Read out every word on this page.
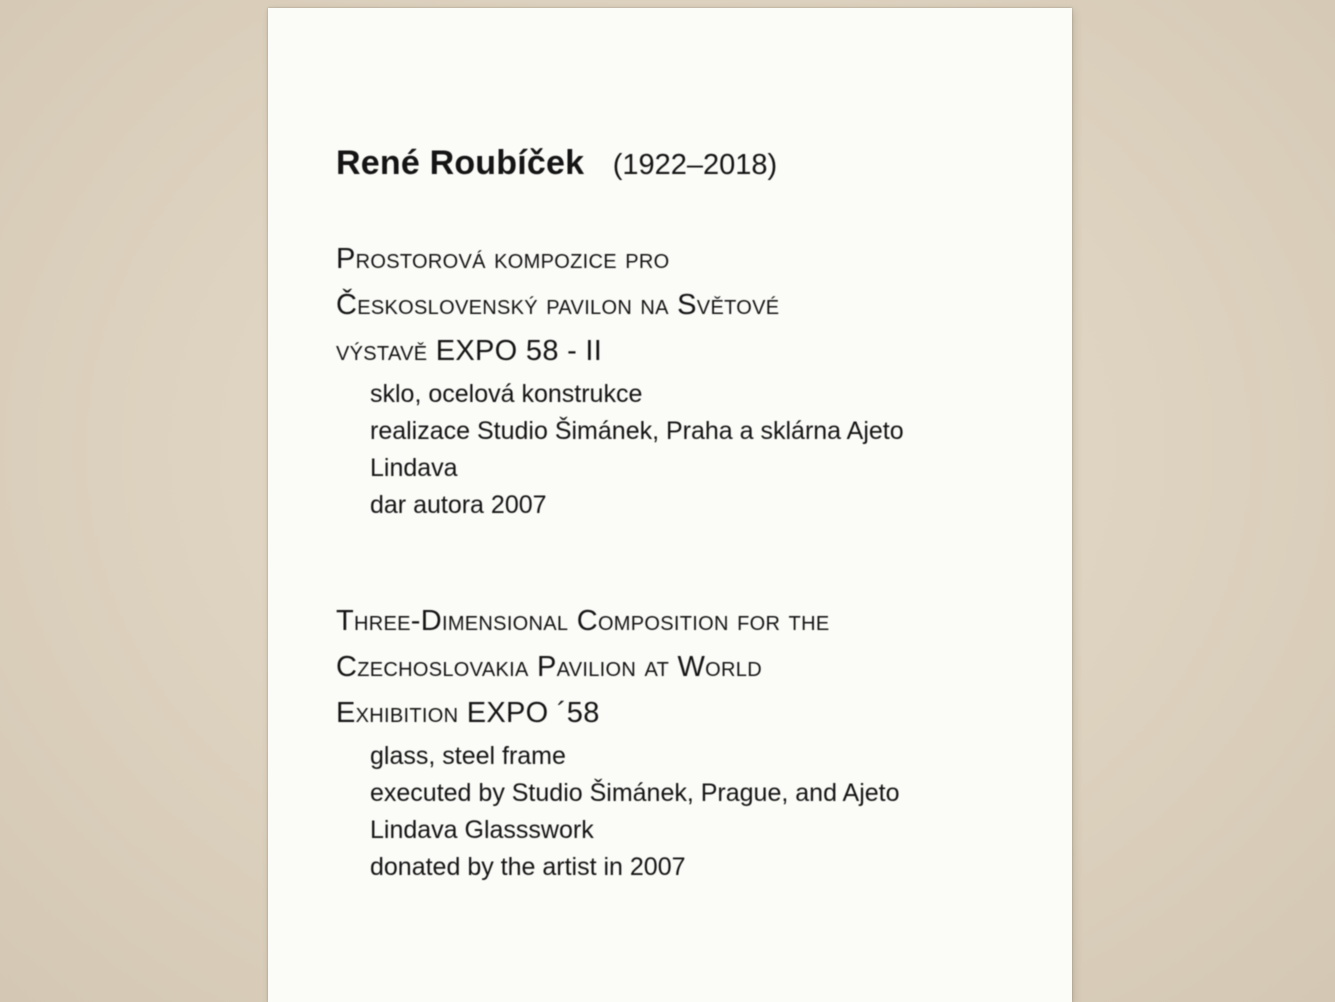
René Roubíček (1922–2018)
Prostorová kompozice pro
Československý pavilon na Světové
výstavě EXPO 58 - II
sklo, ocelová konstrukce
realizace Studio Šimánek, Praha a sklárna Ajeto
Lindava
dar autora 2007
Three-Dimensional Composition for the
Czechoslovakia Pavilion at World
Exhibition EXPO ´58
glass, steel frame
executed by Studio Šimánek, Prague, and Ajeto
Lindava Glassswork
donated by the artist in 2007
